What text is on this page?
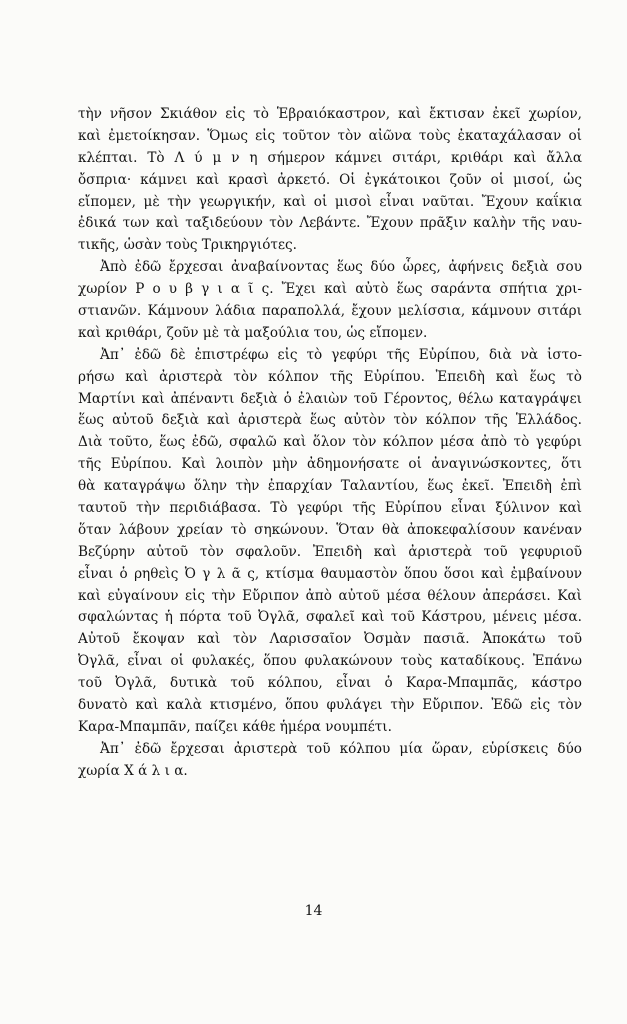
τὴν νῆσον Σκιάθον εἰς τὸ Ἑβραιόκαστρον, καὶ ἔκτισαν ἐκεῖ χωρίον,
καὶ ἐμετοίκησαν. Ὅμως εἰς τοῦτον τὸν αἰῶνα τοὺς ἐκαταχάλασαν οἱ
κλέπται. Τὸ Λ ύ μ ν η σήμερον κάμνει σιτάρι, κριθάρι καὶ ἄλλα
ὄσπρια· κάμνει καὶ κρασὶ ἀρκετό. Οἱ ἐγκάτοικοι ζοῦν οἱ μισοί, ὡς
εἴπομεν, μὲ τὴν γεωργικήν, καὶ οἱ μισοὶ εἶναι ναῦται. Ἔχουν καΐκια
ἐδικά των καὶ ταξιδεύουν τὸν Λεβάντε. Ἔχουν πρᾶξιν καλὴν τῆς ναυ-
τικῆς, ὡσὰν τοὺς Τρικηργιότες.
Ἀπὸ ἐδῶ ἔρχεσαι ἀναβαίνοντας ἕως δύο ὧρες, ἀφήνεις δεξιὰ σου
χωρίον Ρ ο υ β γ ι α ῖ ς. Ἔχει καὶ αὐτὸ ἕως σαράντα σπήτια χρι-
στιανῶν. Κάμνουν λάδια παραπολλά, ἔχουν μελίσσια, κάμνουν σιτάρι
καὶ κριθάρι, ζοῦν μὲ τὰ μαξούλια του, ὡς εἴπομεν.
Ἀπ᾽ ἐδῶ δὲ ἐπιστρέφω εἰς τὸ γεφύρι τῆς Εὐρίπου, διὰ νὰ ἱστο-
ρήσω καὶ ἀριστερὰ τὸν κόλπον τῆς Εὐρίπου. Ἐπειδὴ καὶ ἕως τὸ
Μαρτίνι καὶ ἀπέναντι δεξιὰ ὁ ἐλαιὼν τοῦ Γέροντος, θέλω καταγράψει
ἕως αὐτοῦ δεξιὰ καὶ ἀριστερὰ ἕως αὐτὸν τὸν κόλπον τῆς Ἑλλάδος.
Διὰ τοῦτο, ἕως ἐδῶ, σφαλῶ καὶ ὅλον τὸν κόλπον μέσα ἀπὸ τὸ γεφύρι
τῆς Εὐρίπου. Καὶ λοιπὸν μὴν ἀδημονήσατε οἱ ἀναγινώσκοντες, ὅτι
θὰ καταγράψω ὅλην τὴν ἐπαρχίαν Ταλαντίου, ἕως ἐκεῖ. Ἐπειδὴ ἐπὶ
ταυτοῦ τὴν περιδιάβασα. Τὸ γεφύρι τῆς Εὐρίπου εἶναι ξύλινον καὶ
ὅταν λάβουν χρείαν τὸ σηκώνουν. Ὅταν θὰ ἀποκεφαλίσουν κανέναν
Βεζύρην αὐτοῦ τὸν σφαλοῦν. Ἐπειδὴ καὶ ἀριστερὰ τοῦ γεφυριοῦ
εἶναι ὁ ρηθεὶς Ὀ γ λ ᾶ ς, κτίσμα θαυμαστὸν ὅπου ὅσοι καὶ ἐμβαίνουν
καὶ εὐγαίνουν εἰς τὴν Εὔριπον ἀπὸ αὐτοῦ μέσα θέλουν ἀπεράσει. Καὶ
σφαλώντας ἡ πόρτα τοῦ Ὀγλᾶ, σφαλεῖ καὶ τοῦ Κάστρου, μένεις μέσα.
Αὐτοῦ ἔκοψαν καὶ τὸν Λαρισσαῖον Ὀσμὰν πασιᾶ. Ἀποκάτω τοῦ
Ὀγλᾶ, εἶναι οἱ φυλακές, ὅπου φυλακώνουν τοὺς καταδίκους. Ἐπάνω
τοῦ Ὀγλᾶ, δυτικὰ τοῦ κόλπου, εἶναι ὁ Καρα-Μπαμπᾶς, κάστρο
δυνατὸ καὶ καλὰ κτισμένο, ὅπου φυλάγει τὴν Εὔριπον. Ἐδῶ εἰς τὸν
Καρα-Μπαμπᾶν, παίζει κάθε ἡμέρα νουμπέτι.
Ἀπ᾽ ἐδῶ ἔρχεσαι ἀριστερὰ τοῦ κόλπου μία ὥραν, εὑρίσκεις δύο
χωρία Χ ά λ ι α.
14
